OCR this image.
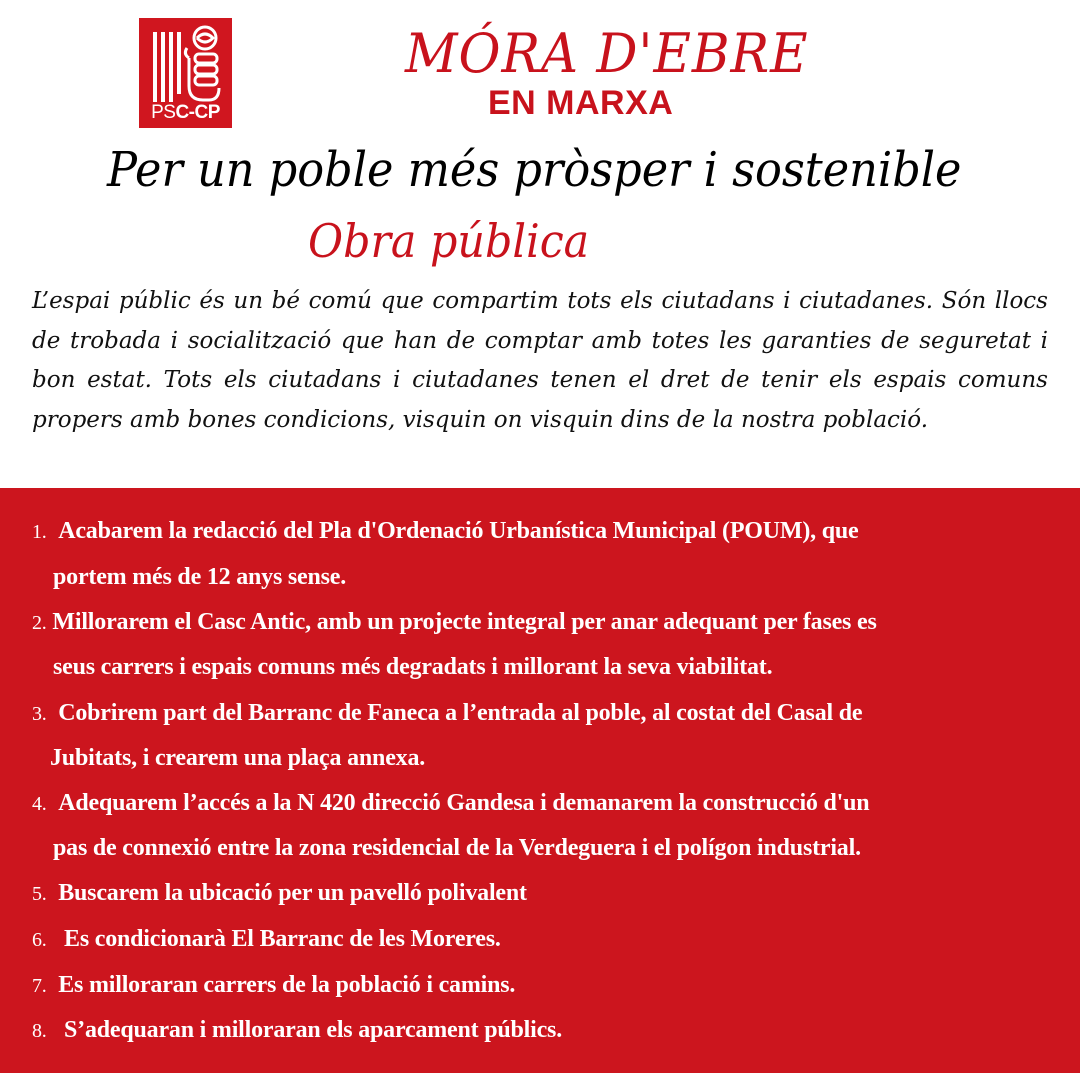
PSC-CP
MÓRA D'EBRE
EN MARXA
Per un poble més pròsper i sostenible
Obra pública

L’espai públic és un bé comú que compartim tots els ciutadans i ciutadanes. Són llocs de trobada i socialització que han de comptar amb totes les garanties de seguretat i bon estat. Tots els ciutadans i ciutadanes tenen el dret de tenir els espais comuns propers amb bones condicions, visquin on visquin dins de la nostra població.

1. Acabarem la redacció del Pla d'Ordenació Urbanística Municipal (POUM), que
portem més de 12 anys sense.
2. Millorarem el Casc Antic, amb un projecte integral per anar adequant per fases es
seus carrers i espais comuns més degradats i millorant la seva viabilitat.
3. Cobrirem part del Barranc de Faneca a l’entrada al poble, al costat del Casal de
Jubitats, i crearem una plaça annexa.
4. Adequarem l’accés a la N 420 direcció Gandesa i demanarem la construcció d'un
pas de connexió entre la zona residencial de la Verdeguera i el polígon industrial.
5. Buscarem la ubicació per un pavelló polivalent
6. Es condicionarà El Barranc de les Moreres.
7. Es milloraran carrers de la població i camins.
8. S’adequaran i milloraran els aparcament públics.
